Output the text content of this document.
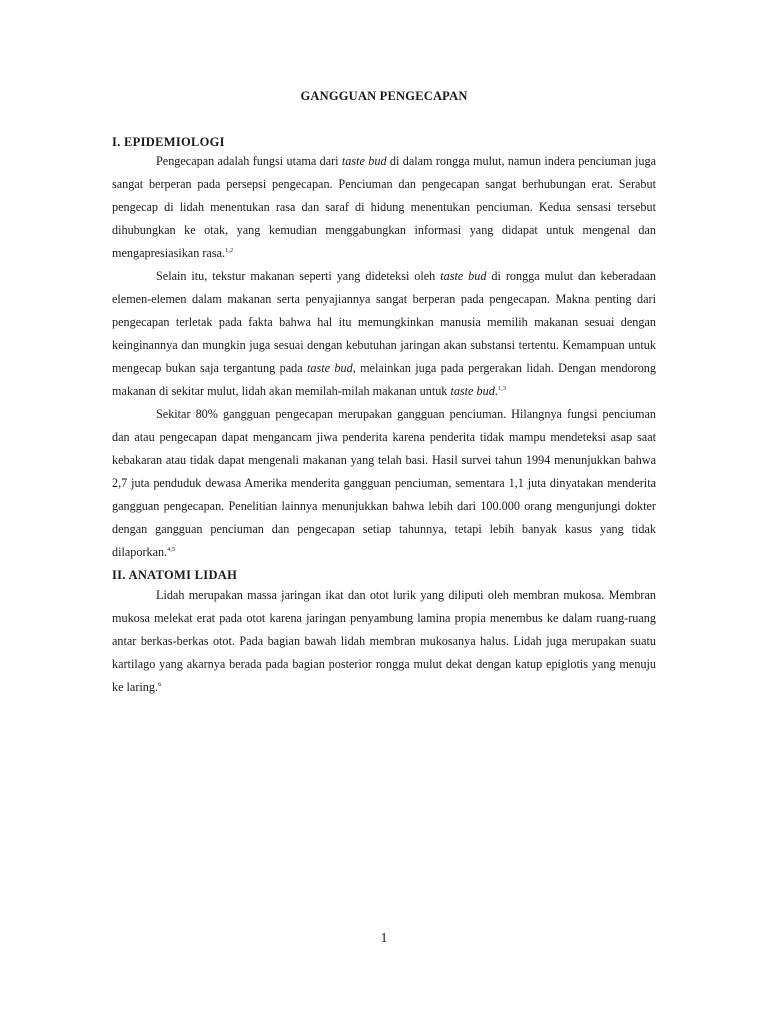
GANGGUAN PENGECAPAN
I. EPIDEMIOLOGI

Pengecapan adalah fungsi utama dari taste bud di dalam rongga mulut, namun indera penciuman juga sangat berperan pada persepsi pengecapan. Penciuman dan pengecapan sangat berhubungan erat. Serabut pengecap di lidah menentukan rasa dan saraf di hidung menentukan penciuman. Kedua sensasi tersebut dihubungkan ke otak, yang kemudian menggabungkan informasi yang didapat untuk mengenal dan mengapresiasikan rasa.$^{1,2}$

Selain itu, tekstur makanan seperti yang dideteksi oleh taste bud di rongga mulut dan keberadaan elemen-elemen dalam makanan serta penyajiannya sangat berperan pada pengecapan. Makna penting dari pengecapan terletak pada fakta bahwa hal itu memungkinkan manusia memilih makanan sesuai dengan keinginannya dan mungkin juga sesuai dengan kebutuhan jaringan akan substansi tertentu. Kemampuan untuk mengecap bukan saja tergantung pada taste bud, melainkan juga pada pergerakan lidah. Dengan mendorong makanan di sekitar mulut, lidah akan memilah-milah makanan untuk taste bud.$^{1,3}$

Sekitar 80% gangguan pengecapan merupakan gangguan penciuman. Hilangnya fungsi penciuman dan atau pengecapan dapat mengancam jiwa penderita karena penderita tidak mampu mendeteksi asap saat kebakaran atau tidak dapat mengenali makanan yang telah basi. Hasil survei tahun 1994 menunjukkan bahwa 2,7 juta penduduk dewasa Amerika menderita gangguan penciuman, sementara 1,1 juta dinyatakan menderita gangguan pengecapan. Penelitian lainnya menunjukkan bahwa lebih dari 100.000 orang mengunjungi dokter dengan gangguan penciuman dan pengecapan setiap tahunnya, tetapi lebih banyak kasus yang tidak dilaporkan.$^{4,5}$

II. ANATOMI LIDAH

Lidah merupakan massa jaringan ikat dan otot lurik yang diliputi oleh membran mukosa. Membran mukosa melekat erat pada otot karena jaringan penyambung lamina propia menembus ke dalam ruang-ruang antar berkas-berkas otot. Pada bagian bawah lidah membran mukosanya halus. Lidah juga merupakan suatu kartilago yang akarnya berada pada bagian posterior rongga mulut dekat dengan katup epiglotis yang menuju ke laring.$^6$

1
